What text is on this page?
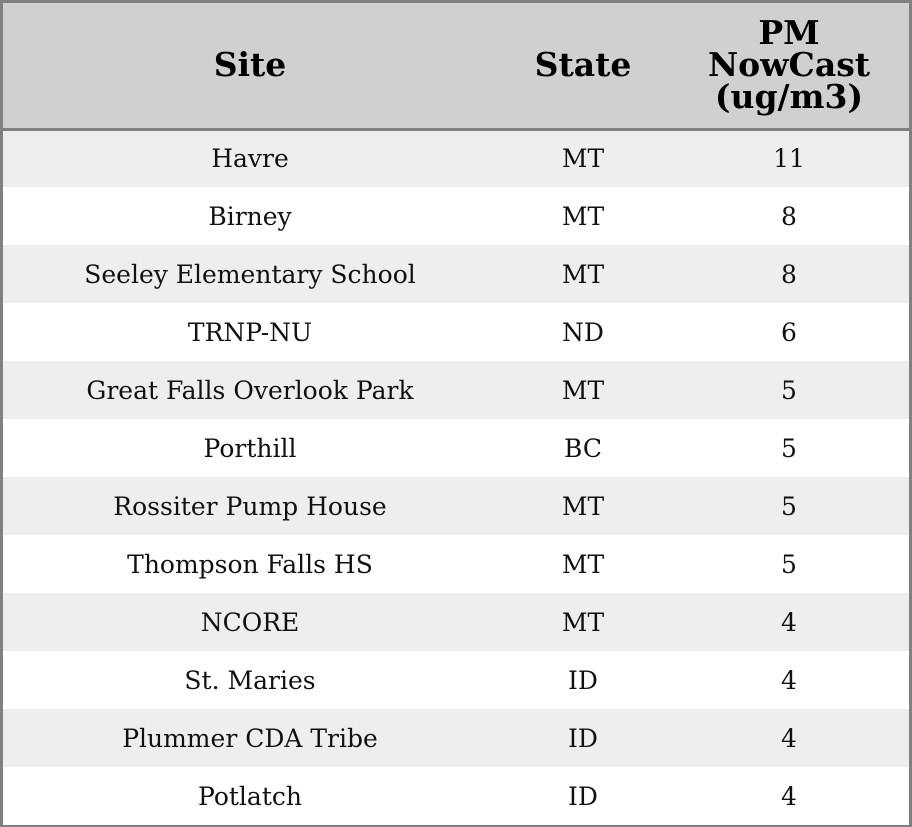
Site	State	PM
NowCast
(ug/m3)
Havre	MT	11
Birney	MT	8
Seeley Elementary School	MT	8
TRNP-NU	ND	6
Great Falls Overlook Park	MT	5
Porthill	BC	5
Rossiter Pump House	MT	5
Thompson Falls HS	MT	5
NCORE	MT	4
St. Maries	ID	4
Plummer CDA Tribe	ID	4
Potlatch	ID	4
